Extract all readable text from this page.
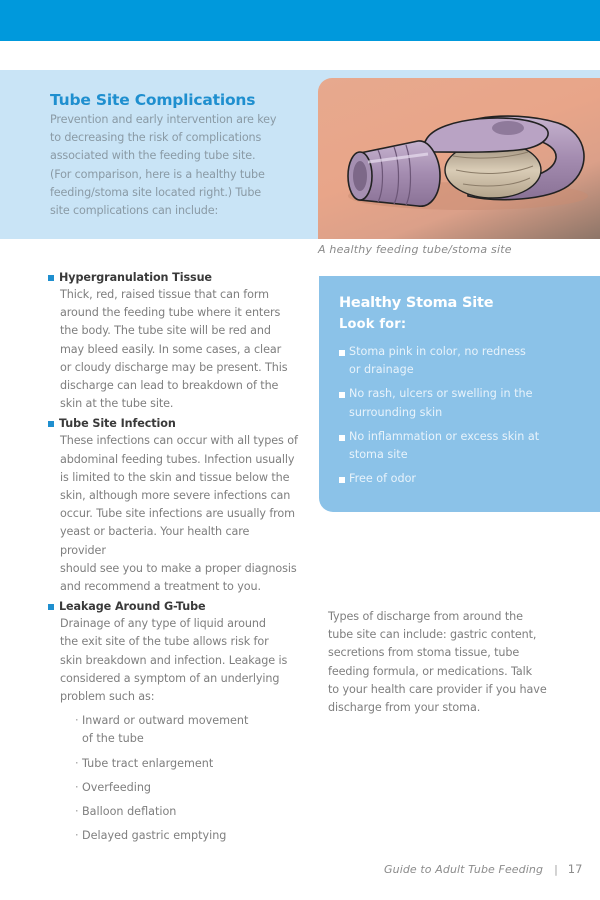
Tube Site Complications
Prevention and early intervention are key
to decreasing the risk of complications
associated with the feeding tube site.
(For comparison, here is a healthy tube
feeding/stoma site located right.) Tube
site complications can include:
A healthy feeding tube/stoma site
Hypergranulation Tissue
Thick, red, raised tissue that can form
around the feeding tube where it enters
the body. The tube site will be red and
may bleed easily. In some cases, a clear
or cloudy discharge may be present. This
discharge can lead to breakdown of the
skin at the tube site.
Tube Site Infection
These infections can occur with all types of
abdominal feeding tubes. Infection usually
is limited to the skin and tissue below the
skin, although more severe infections can
occur. Tube site infections are usually from
yeast or bacteria. Your health care provider
should see you to make a proper diagnosis
and recommend a treatment to you.
Leakage Around G-Tube
Drainage of any type of liquid around
the exit site of the tube allows risk for
skin breakdown and infection. Leakage is
considered a symptom of an underlying
problem such as:
· Inward or outward movement
of the tube
· Tube tract enlargement
· Overfeeding
· Balloon deflation
· Delayed gastric emptying
Healthy Stoma Site
Look for:
Stoma pink in color, no redness
or drainage
No rash, ulcers or swelling in the
surrounding skin
No inflammation or excess skin at
stoma site
Free of odor
Types of discharge from around the
tube site can include: gastric content,
secretions from stoma tissue, tube
feeding formula, or medications. Talk
to your health care provider if you have
discharge from your stoma.
Guide to Adult Tube Feeding | 17
